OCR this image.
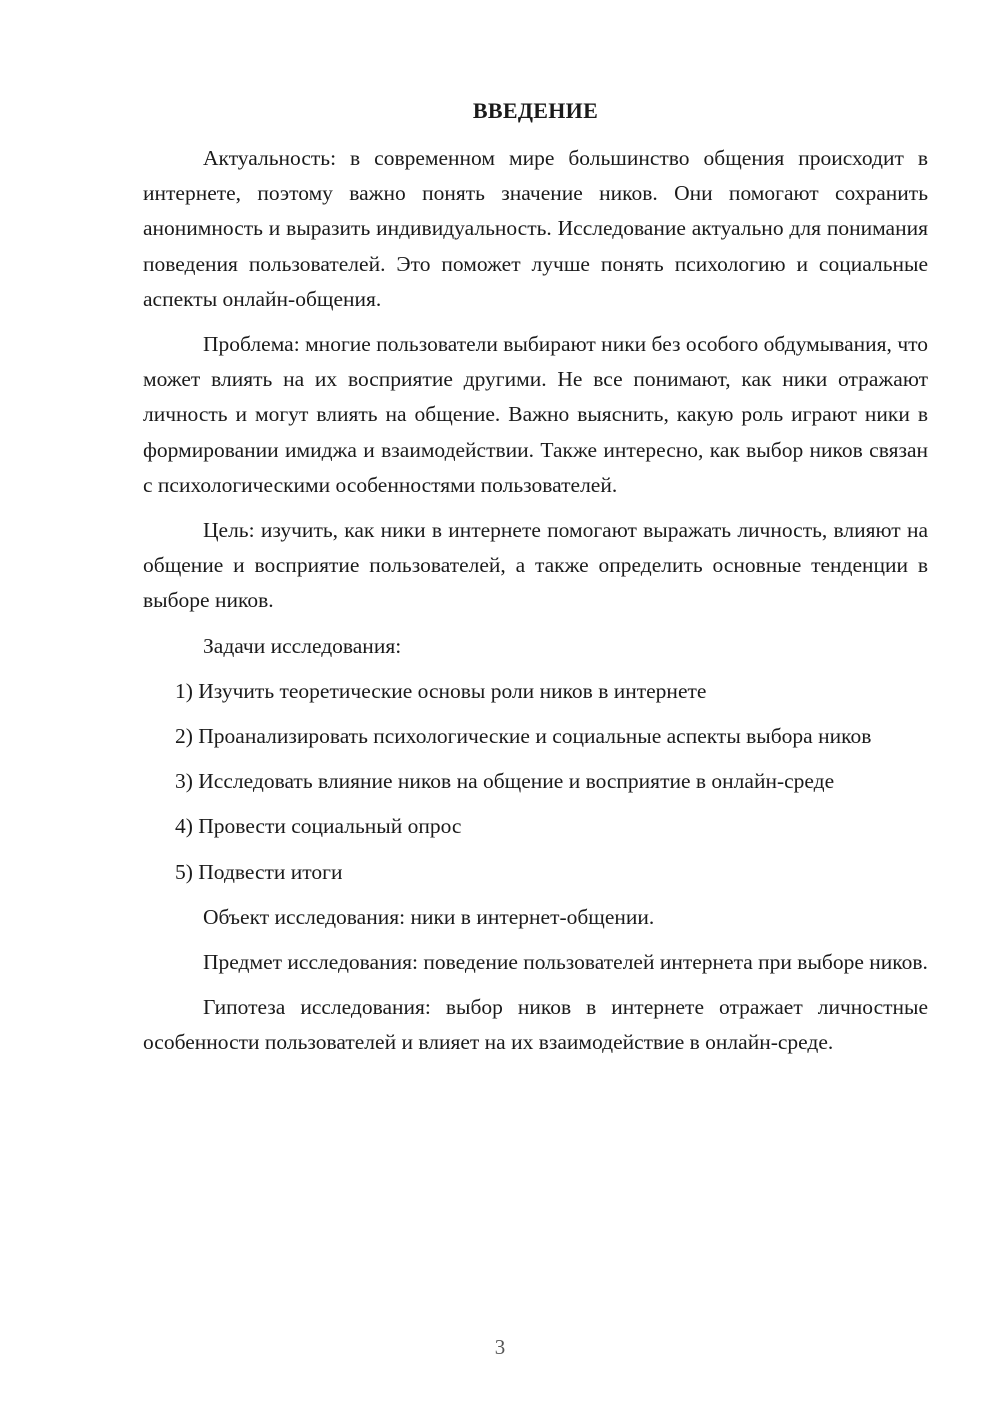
ВВЕДЕНИЕ

Актуальность: в современном мире большинство общения происходит в интернете, поэтому важно понять значение ников. Они помогают сохранить анонимность и выразить индивидуальность. Исследование актуально для понимания поведения пользователей. Это поможет лучше понять психологию и социальные аспекты онлайн-общения.

Проблема: многие пользователи выбирают ники без особого обдумывания, что может влиять на их восприятие другими. Не все понимают, как ники отражают личность и могут влиять на общение. Важно выяснить, какую роль играют ники в формировании имиджа и взаимодействии. Также интересно, как выбор ников связан с психологическими особенностями пользователей.

Цель: изучить, как ники в интернете помогают выражать личность, влияют на общение и восприятие пользователей, а также определить основные тенденции в выборе ников.

Задачи исследования:

1) Изучить теоретические основы роли ников в интернете

2) Проанализировать психологические и социальные аспекты выбора ников

3) Исследовать влияние ников на общение и восприятие в онлайн-среде

4) Провести социальный опрос

5) Подвести итоги

Объект исследования: ники в интернет-общении.

Предмет исследования: поведение пользователей интернета при выборе ников.

Гипотеза исследования: выбор ников в интернете отражает личностные особенности пользователей и влияет на их взаимодействие в онлайн-среде.

3
